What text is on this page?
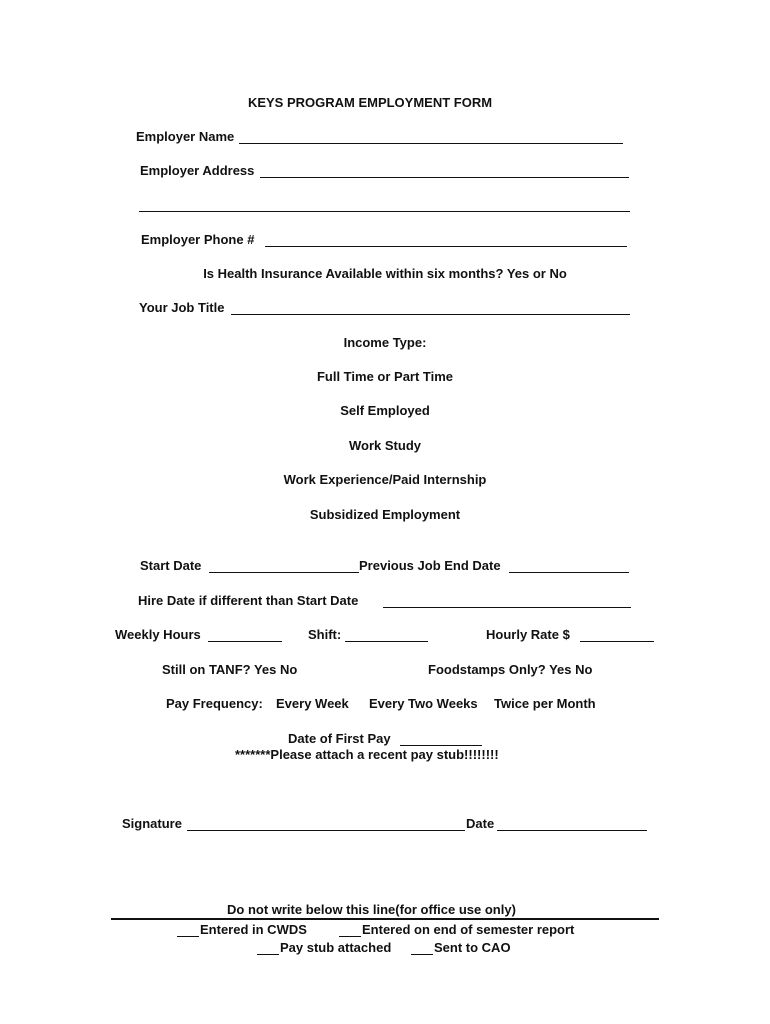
KEYS PROGRAM EMPLOYMENT FORM
Employer Name
Employer Address
Employer Phone #
Is Health Insurance Available within six months? Yes or No
Your Job Title
Income Type:
Full Time or Part Time
Self Employed
Work Study
Work Experience/Paid Internship
Subsidized Employment
Start Date	Previous Job End Date
Hire Date if different than Start Date
Weekly Hours	Shift:	Hourly Rate $
Still on TANF? Yes No	Foodstamps Only? Yes No
Pay Frequency: Every Week Every Two Weeks Twice per Month
Date of First Pay
*******Please attach a recent pay stub!!!!!!!!
Signature	Date
Do not write below this line(for office use only)
Entered in CWDS	Entered on end of semester report
Pay stub attached	Sent to CAO
